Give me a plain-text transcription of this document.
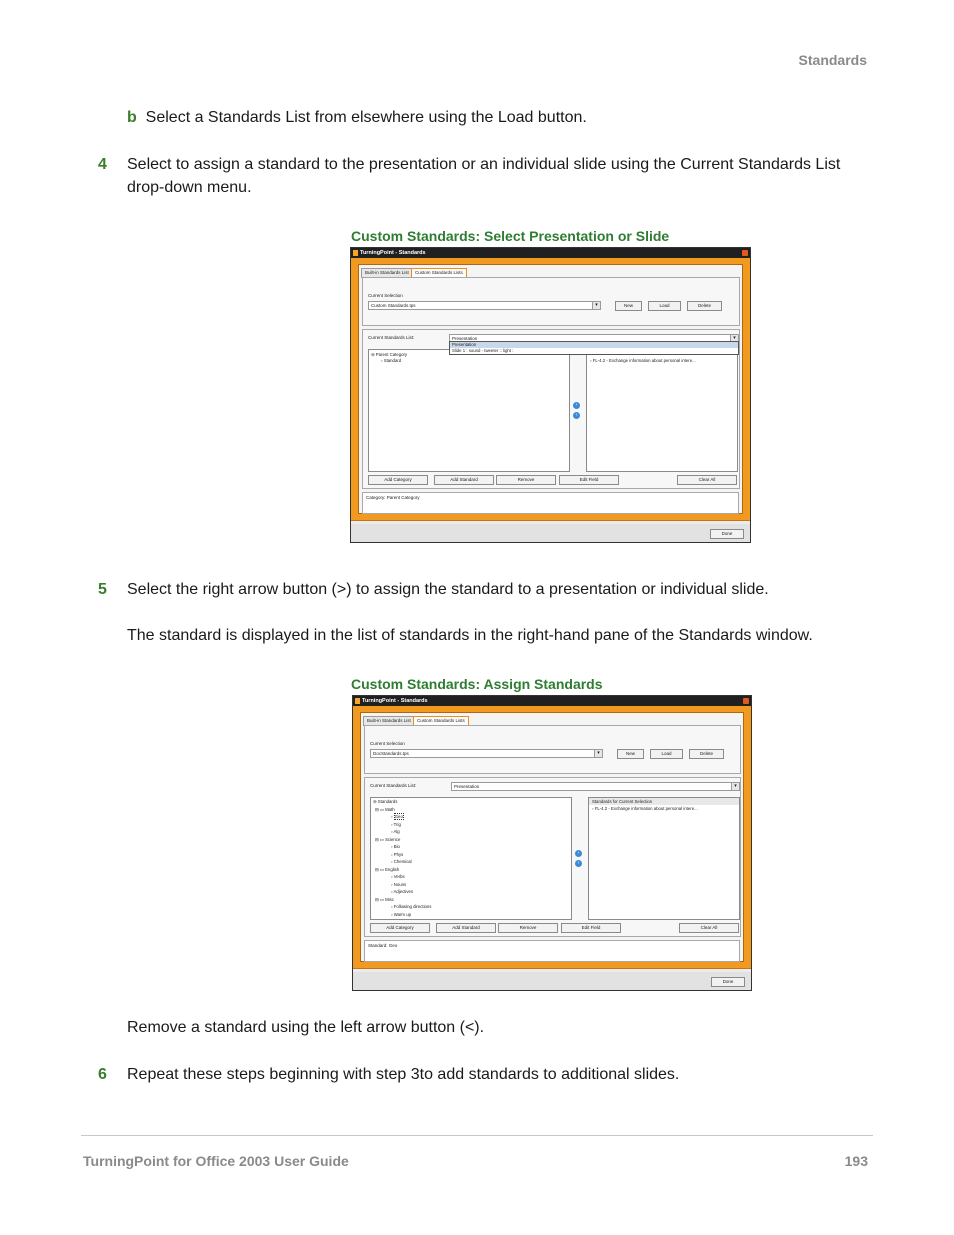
Standards
b Select a Standards List from elsewhere using the Load button.
4 Select to assign a standard to the presentation or an individual slide using the Current Standards List
drop-down menu.
Custom Standards: Select Presentation or Slide
TurningPoint - Standards
Built-in Standards List	Custom Standards Lists
Current Selection
Custom Standards.tps	▾	New	Load	Delete
Current Standards List:	Presentation	▾
⊖ Parent Category
▫ Standard
›
‹
▫ FL-4.2 - Exchange information about personal intere...
Presentation
Slide 1 : sound - tweeter :: light :
Add Category	Add Standard	Remove	Edit Field	Clear All
Category: Parent Category
Done
5 Select the right arrow button (>) to assign the standard to a presentation or individual slide.
The standard is displayed in the list of standards in the right-hand pane of the Standards window.
Custom Standards: Assign Standards
TurningPoint - Standards
Built-in Standards List	Custom Standards Lists
Current Selection
DocStandards.tps	▾	New	Load	Delete
Current Standards List:	Presentation	▾
⊖ Standards
⊟ ▭ Math
▫ Geo
▫ Trig
▫ Alg
⊟ ▭ Science
▫ Bio
▫ Phys
▫ Chemical
⊟ ▭ English
▫ Verbs
▫ Nouns
▫ Adjectives
⊟ ▭ Misc
▫ Following directions
▫ Warm up
›
‹
Standards for Current Selection
▫ FL-4.2 - Exchange information about personal intere...
Add Category	Add Standard	Remove	Edit Field	Clear All
Standard: Geo
Done
Remove a standard using the left arrow button (<).
6 Repeat these steps beginning with step 3to add standards to additional slides.
TurningPoint for Office 2003 User Guide	193
